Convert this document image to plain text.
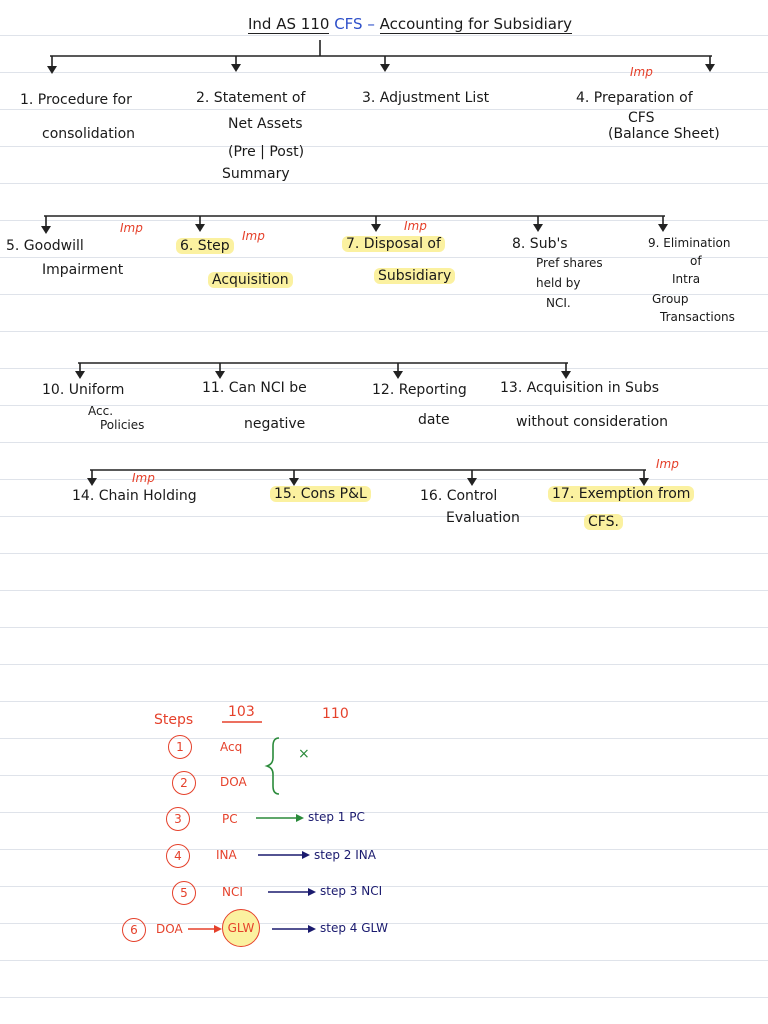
Ind AS 110 CFS – Accounting for Subsidiary
1. Procedure for
consolidation
2. Statement of
Net Assets
(Pre | Post)
Summary
3. Adjustment List
Imp
4. Preparation of
CFS
(Balance Sheet)
Imp
5. Goodwill
Impairment
Imp
6. Step
Acquisition
Imp
7. Disposal of
Subsidiary
8. Sub's
Pref shares
held by
NCI.
9. Elimination
of
Intra
Group
Transactions
10. Uniform
Acc.
Policies
11. Can NCI be
negative
12. Reporting
date
13. Acquisition in Subs
without consideration
Imp
14. Chain Holding	15. Cons P&L	16. Control
Evaluation
Imp
17. Exemption from
CFS.
Steps 103	110
1	Acq
2	DOA
×
3	PC	step 1 PC
4	INA	step 2 INA
5	NCI	step 3 NCI
6	DOA	GLW	step 4 GLW
